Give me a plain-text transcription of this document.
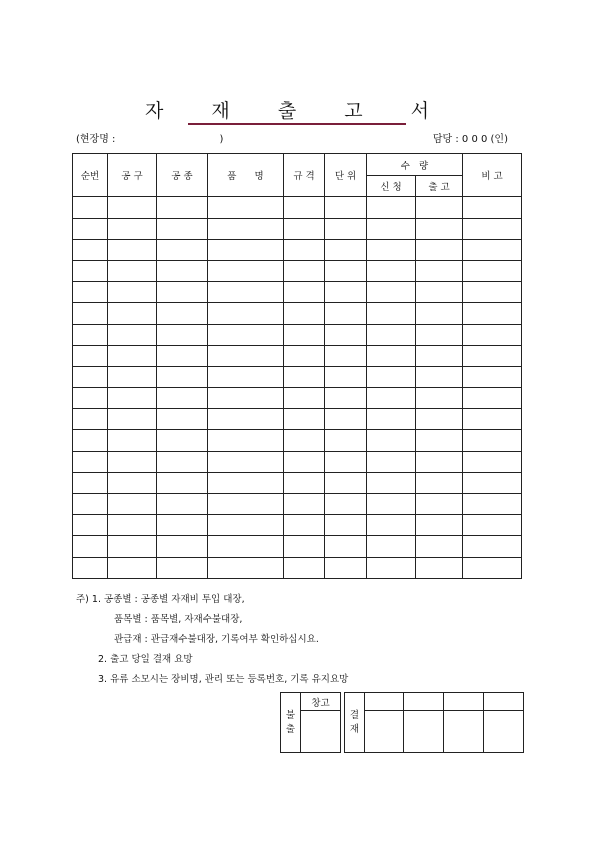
자 재 출 고 서
(현장명 :	)	담당 : 0 0 0 (인)
순번	공 구	공 종	품      명	규 격	단 위	수   량		비 고
						신 청	출 고	

주) 1. 공종별 : 공종별 자재비 투입 대장,
품목별 : 품목별, 자재수불대장,
관급재 : 관급재수불대장, 기록여부 확인하십시요.
2. 출고 당일 결재 요망
3. 유류 소모시는 장비명, 관리 또는 등록번호, 기록 유지요망
불
출	창고		결
재				
